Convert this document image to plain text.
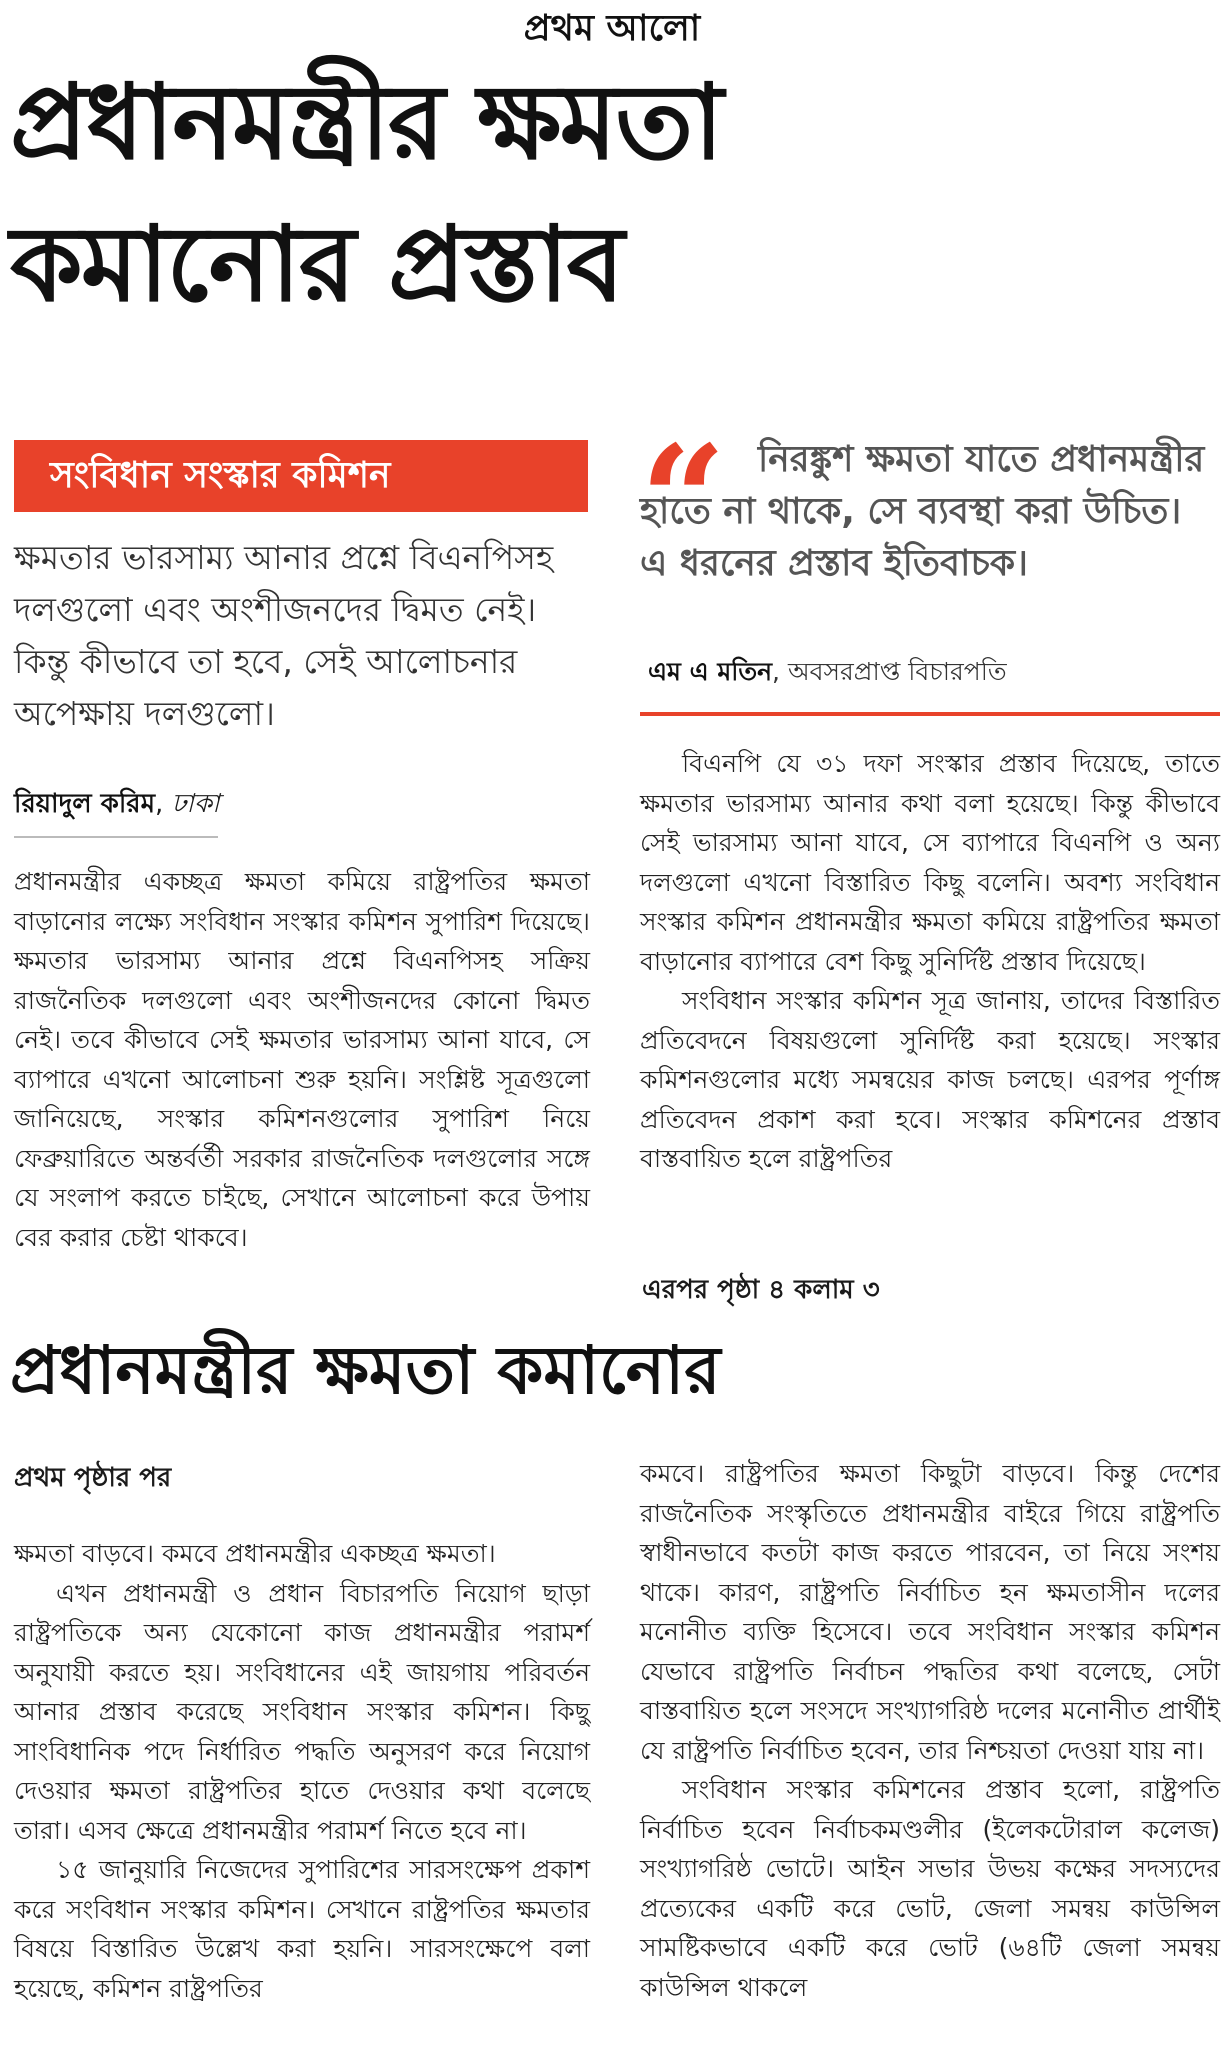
প্রথম আলো
প্রধানমন্ত্রীর ক্ষমতা
কমানোর প্রস্তাব
সংবিধান সংস্কার কমিশন
ক্ষমতার ভারসাম্য আনার প্রশ্নে বিএনপিসহ দলগুলো এবং অংশীজনদের দ্বিমত নেই। কিন্তু কীভাবে তা হবে, সেই আলোচনার অপেক্ষায় দলগুলো।
রিয়াদুল করিম, ঢাকা

প্রধানমন্ত্রীর একচ্ছত্র ক্ষমতা কমিয়ে রাষ্ট্রপতির ক্ষমতা বাড়ানোর লক্ষ্যে সংবিধান সংস্কার কমিশন সুপারিশ দিয়েছে। ক্ষমতার ভারসাম্য আনার প্রশ্নে বিএনপিসহ সক্রিয় রাজনৈতিক দলগুলো এবং অংশীজনদের কোনো দ্বিমত নেই। তবে কীভাবে সেই ক্ষমতার ভারসাম্য আনা যাবে, সে ব্যাপারে এখনো আলোচনা শুরু হয়নি। সংশ্লিষ্ট সূত্রগুলো জানিয়েছে, সংস্কার কমিশনগুলোর সুপারিশ নিয়ে ফেব্রুয়ারিতে অন্তর্বর্তী সরকার রাজনৈতিক দলগুলোর সঙ্গে যে সংলাপ করতে চাইছে, সেখানে আলোচনা করে উপায় বের করার চেষ্টা থাকবে।

“ নিরঙ্কুশ ক্ষমতা যাতে প্রধানমন্ত্রীর হাতে না থাকে, সে ব্যবস্থা করা উচিত। এ ধরনের প্রস্তাব ইতিবাচক।
এম এ মতিন, অবসরপ্রাপ্ত বিচারপতি

বিএনপি যে ৩১ দফা সংস্কার প্রস্তাব দিয়েছে, তাতে ক্ষমতার ভারসাম্য আনার কথা বলা হয়েছে। কিন্তু কীভাবে সেই ভারসাম্য আনা যাবে, সে ব্যাপারে বিএনপি ও অন্য দলগুলো এখনো বিস্তারিত কিছু বলেনি। অবশ্য সংবিধান সংস্কার কমিশন প্রধানমন্ত্রীর ক্ষমতা কমিয়ে রাষ্ট্রপতির ক্ষমতা বাড়ানোর ব্যাপারে বেশ কিছু সুনির্দিষ্ট প্রস্তাব দিয়েছে।

সংবিধান সংস্কার কমিশন সূত্র জানায়, তাদের বিস্তারিত প্রতিবেদনে বিষয়গুলো সুনির্দিষ্ট করা হয়েছে। সংস্কার কমিশনগুলোর মধ্যে সমন্বয়ের কাজ চলছে। এরপর পূর্ণাঙ্গ প্রতিবেদন প্রকাশ করা হবে। সংস্কার কমিশনের প্রস্তাব বাস্তবায়িত হলে রাষ্ট্রপতির

এরপর পৃষ্ঠা ৪ কলাম ৩
প্রধানমন্ত্রীর ক্ষমতা কমানোর
প্রথম পৃষ্ঠার পর

ক্ষমতা বাড়বে। কমবে প্রধানমন্ত্রীর একচ্ছত্র ক্ষমতা।

এখন প্রধানমন্ত্রী ও প্রধান বিচারপতি নিয়োগ ছাড়া রাষ্ট্রপতিকে অন্য যেকোনো কাজ প্রধানমন্ত্রীর পরামর্শ অনুযায়ী করতে হয়। সংবিধানের এই জায়গায় পরিবর্তন আনার প্রস্তাব করেছে সংবিধান সংস্কার কমিশন। কিছু সাংবিধানিক পদে নির্ধারিত পদ্ধতি অনুসরণ করে নিয়োগ দেওয়ার ক্ষমতা রাষ্ট্রপতির হাতে দেওয়ার কথা বলেছে তারা। এসব ক্ষেত্রে প্রধানমন্ত্রীর পরামর্শ নিতে হবে না।

১৫ জানুয়ারি নিজেদের সুপারিশের সারসংক্ষেপ প্রকাশ করে সংবিধান সংস্কার কমিশন। সেখানে রাষ্ট্রপতির ক্ষমতার বিষয়ে বিস্তারিত উল্লেখ করা হয়নি। সারসংক্ষেপে বলা হয়েছে, কমিশন রাষ্ট্রপতির

কমবে। রাষ্ট্রপতির ক্ষমতা কিছুটা বাড়বে। কিন্তু দেশের রাজনৈতিক সংস্কৃতিতে প্রধানমন্ত্রীর বাইরে গিয়ে রাষ্ট্রপতি স্বাধীনভাবে কতটা কাজ করতে পারবেন, তা নিয়ে সংশয় থাকে। কারণ, রাষ্ট্রপতি নির্বাচিত হন ক্ষমতাসীন দলের মনোনীত ব্যক্তি হিসেবে। তবে সংবিধান সংস্কার কমিশন যেভাবে রাষ্ট্রপতি নির্বাচন পদ্ধতির কথা বলেছে, সেটা বাস্তবায়িত হলে সংসদে সংখ্যাগরিষ্ঠ দলের মনোনীত প্রার্থীই যে রাষ্ট্রপতি নির্বাচিত হবেন, তার নিশ্চয়তা দেওয়া যায় না।

সংবিধান সংস্কার কমিশনের প্রস্তাব হলো, রাষ্ট্রপতি নির্বাচিত হবেন নির্বাচকমণ্ডলীর (ইলেকটোরাল কলেজ) সংখ্যাগরিষ্ঠ ভোটে। আইন সভার উভয় কক্ষের সদস্যদের প্রত্যেকের একটি করে ভোট, জেলা সমন্বয় কাউন্সিল সামষ্টিকভাবে একটি করে ভোট (৬৪টি জেলা সমন্বয় কাউন্সিল থাকলে
